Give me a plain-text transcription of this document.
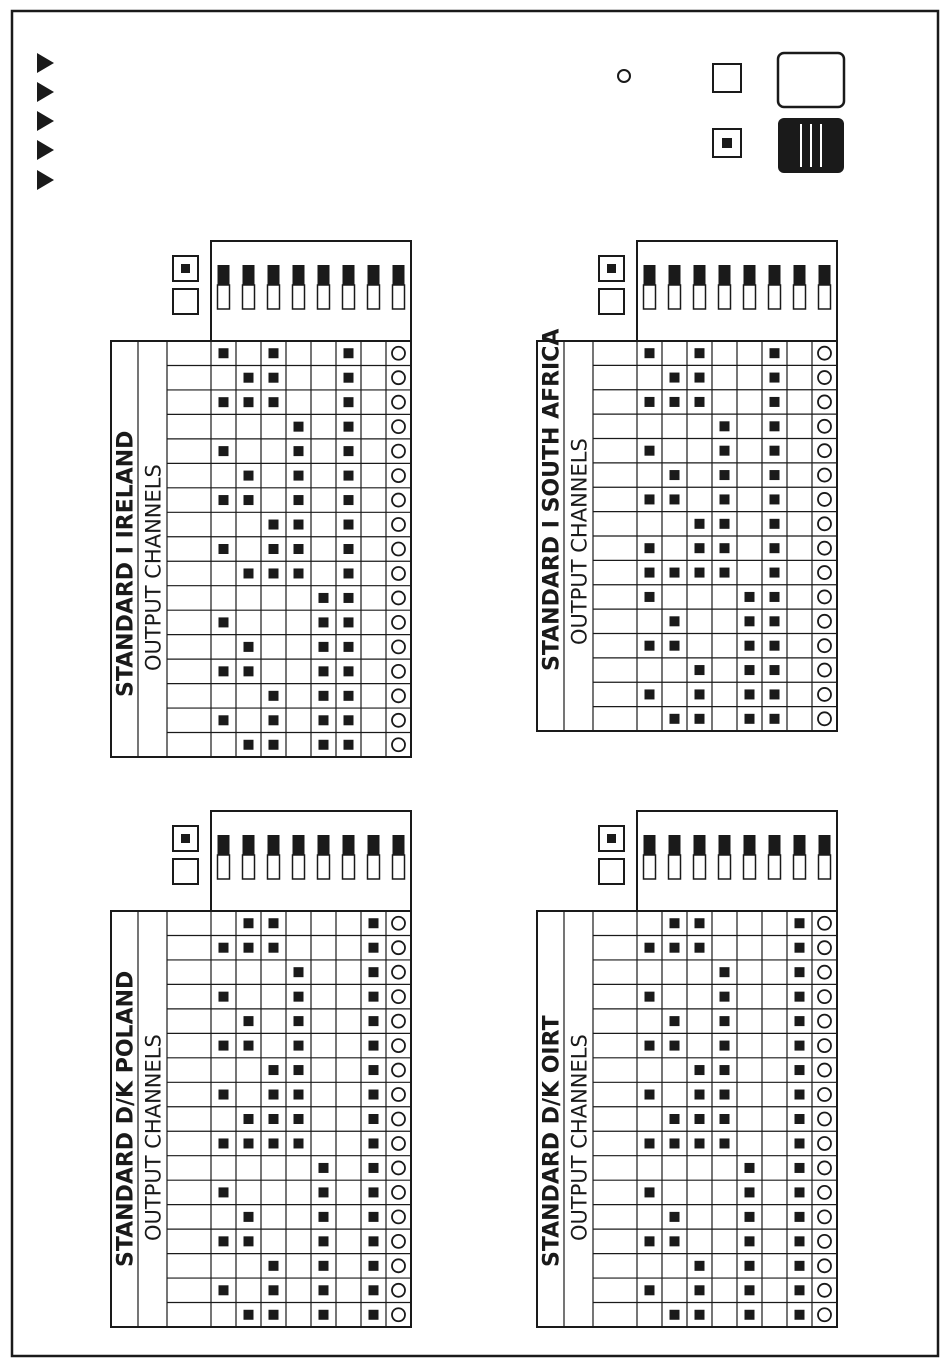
STANDARD I IRELAND OUTPUT CHANNELS	STANDARD I SOUTH AFRICA OUTPUT CHANNELS
STANDARD D/K POLAND OUTPUT CHANNELS	STANDARD D/K OIRT OUTPUT CHANNELS
